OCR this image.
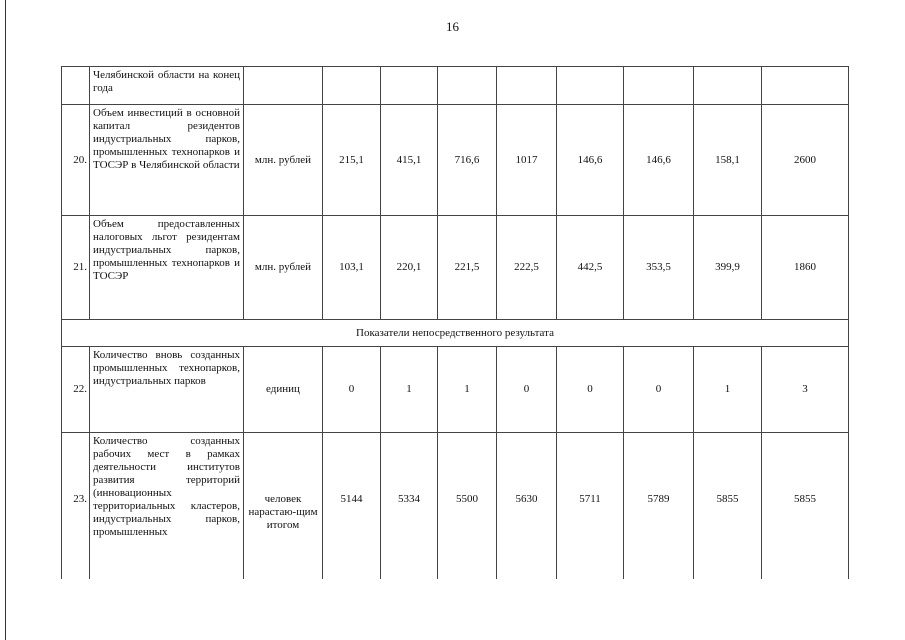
16
	Челябинской области на конец года									
20.	Объем инвестиций в основной капитал резидентов индустриальных парков, промышленных технопарков и ТОСЭР в Челябинской области	млн. рублей	215,1	415,1	716,6	1017	146,6	146,6	158,1	2600
21.	Объем предоставленных налоговых льгот резидентам индустриальных парков, промышленных технопарков и ТОСЭР	млн. рублей	103,1	220,1	221,5	222,5	442,5	353,5	399,9	1860
Показатели непосредственного результата										
22.	Количество вновь созданных промышленных технопарков, индустриальных парков	единиц	0	1	1	0	0	0	1	3
23.	Количество созданных рабочих мест в рамках деятельности институтов развития территорий (инновационных территориальных кластеров, индустриальных парков, промышленных	человек нарастаю-щим итогом	5144	5334	5500	5630	5711	5789	5855	5855
